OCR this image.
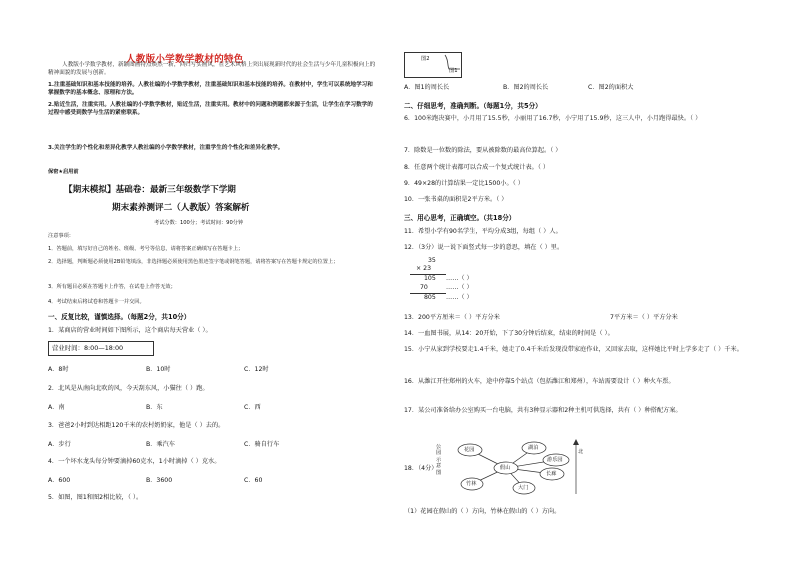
人教版小学数学教材的特色
人教版小学数学教材，新颖图画特点焕然一新，回归写实画风，在艺术风格上突出展现新时代的社会生活与少年儿童积极向上的精神面貌的发展与创新。
1.注重基础知识和基本技能的培养。人教社编的小学数学教材，注重基础知识和基本技能的培养。在教材中，学生可以系统地学习和掌握数学的基本概念、原理和方法。
2.贴近生活，注重实用。人教社编的小学数学教材，贴近生活，注重实用。教材中的问题和例题都来源于生活，让学生在学习数学的过程中感受到数学与生活的紧密联系。
3.关注学生的个性化和差异化教学人教社编的小学数学教材，注重学生的个性化和差异化教学。
保密★启用前
【期末模拟】基础卷：最新三年级数学下学期
期末素养测评二（人教版）答案解析
考试分数：100分；考试时间：90分钟
注意事项：
1．答题前，填写好自己的姓名、班级、考号等信息，请将答案正确填写在答题卡上；
2．选择题，判断题必须使用2B铅笔填涂，非选择题必须使用黑色墨迹签字笔或钢笔答题，请将答案写在答题卡规定的位置上；
3．所有题目必须在答题卡上作答，在试卷上作答无效；
4．考试结束后将试卷和答题卡一并交回。
一、反复比较，谨慎选择。（每题2分，共10分）
1．某商店的营业时间如下图所示，这个商店每天营业（ ）。
营业时间：8:00—18:00
A．8时	B．10时	C．12时
2．北风是从南向北吹的风，今天刮东风，小猫往（ ）跑。
A．南	B．东	C．西
3．爸爸2小时到达相距120千米的农村奶奶家，他是（ ）去的。
A．步行	B．乘汽车	C．骑自行车
4．一个坏水龙头每分钟要滴掉60克水，1小时滴掉（ ）克水。
A．600	B．3600	C．60
5．如图，图1和图2相比较，（ ）。
图2
图1
A．图1的周长长	B．图2的周长长	C．图2的面积大
二、仔细思考，准确判断。（每题1分，共5分）
6．100米跑决赛中，小月用了15.5秒，小丽用了16.7秒，小宁用了15.9秒，这三人中，小月跑得最快。（ ）
7．除数是一位数的除法，要从被除数的最高位算起。（ ）
8．任意两个统计表都可以合成一个复式统计表。（ ）
9．49×28的计算结果一定比1500小。（ ）
10．一张书桌的面积是2平方米。（ ）
三、用心思考，正确填空。（共18分）
11．希望小学有90名学生，平均分成3组，每组（ ）人。
12．（3分）说一说下面竖式每一步的意思，填在（ ）里。
35
× 23
105
70
805
……（ ）
……（ ）
……（ ）
13．200平方厘米＝（ ）平方分米	7平方米＝（ ）平方分米
14．一血图书展，从14：20开始，下了30分钟后结束，结束的时间是（ ）。
15．小宁从家到学校要走1.4千米，她走了0.4千米后发现没带家庭作业，又回家去取，这样她比平时上学多走了（ ）千米。
16．从潍江开往郑州的火车，途中停靠5个站点（包括潍江和郑州），车站需要设计（ ）种火车票。
17．某公司准备给办公室购买一台电脑，共有3种显示器和2种主机可供选择，共有（ ）种搭配方案。
18．（4分）
花园	湖泊
游乐园
长廊
竹林
大门
假山
北
公园示意图
（1）花园在假山的（ ）方向，竹林在假山的（ ）方向。
